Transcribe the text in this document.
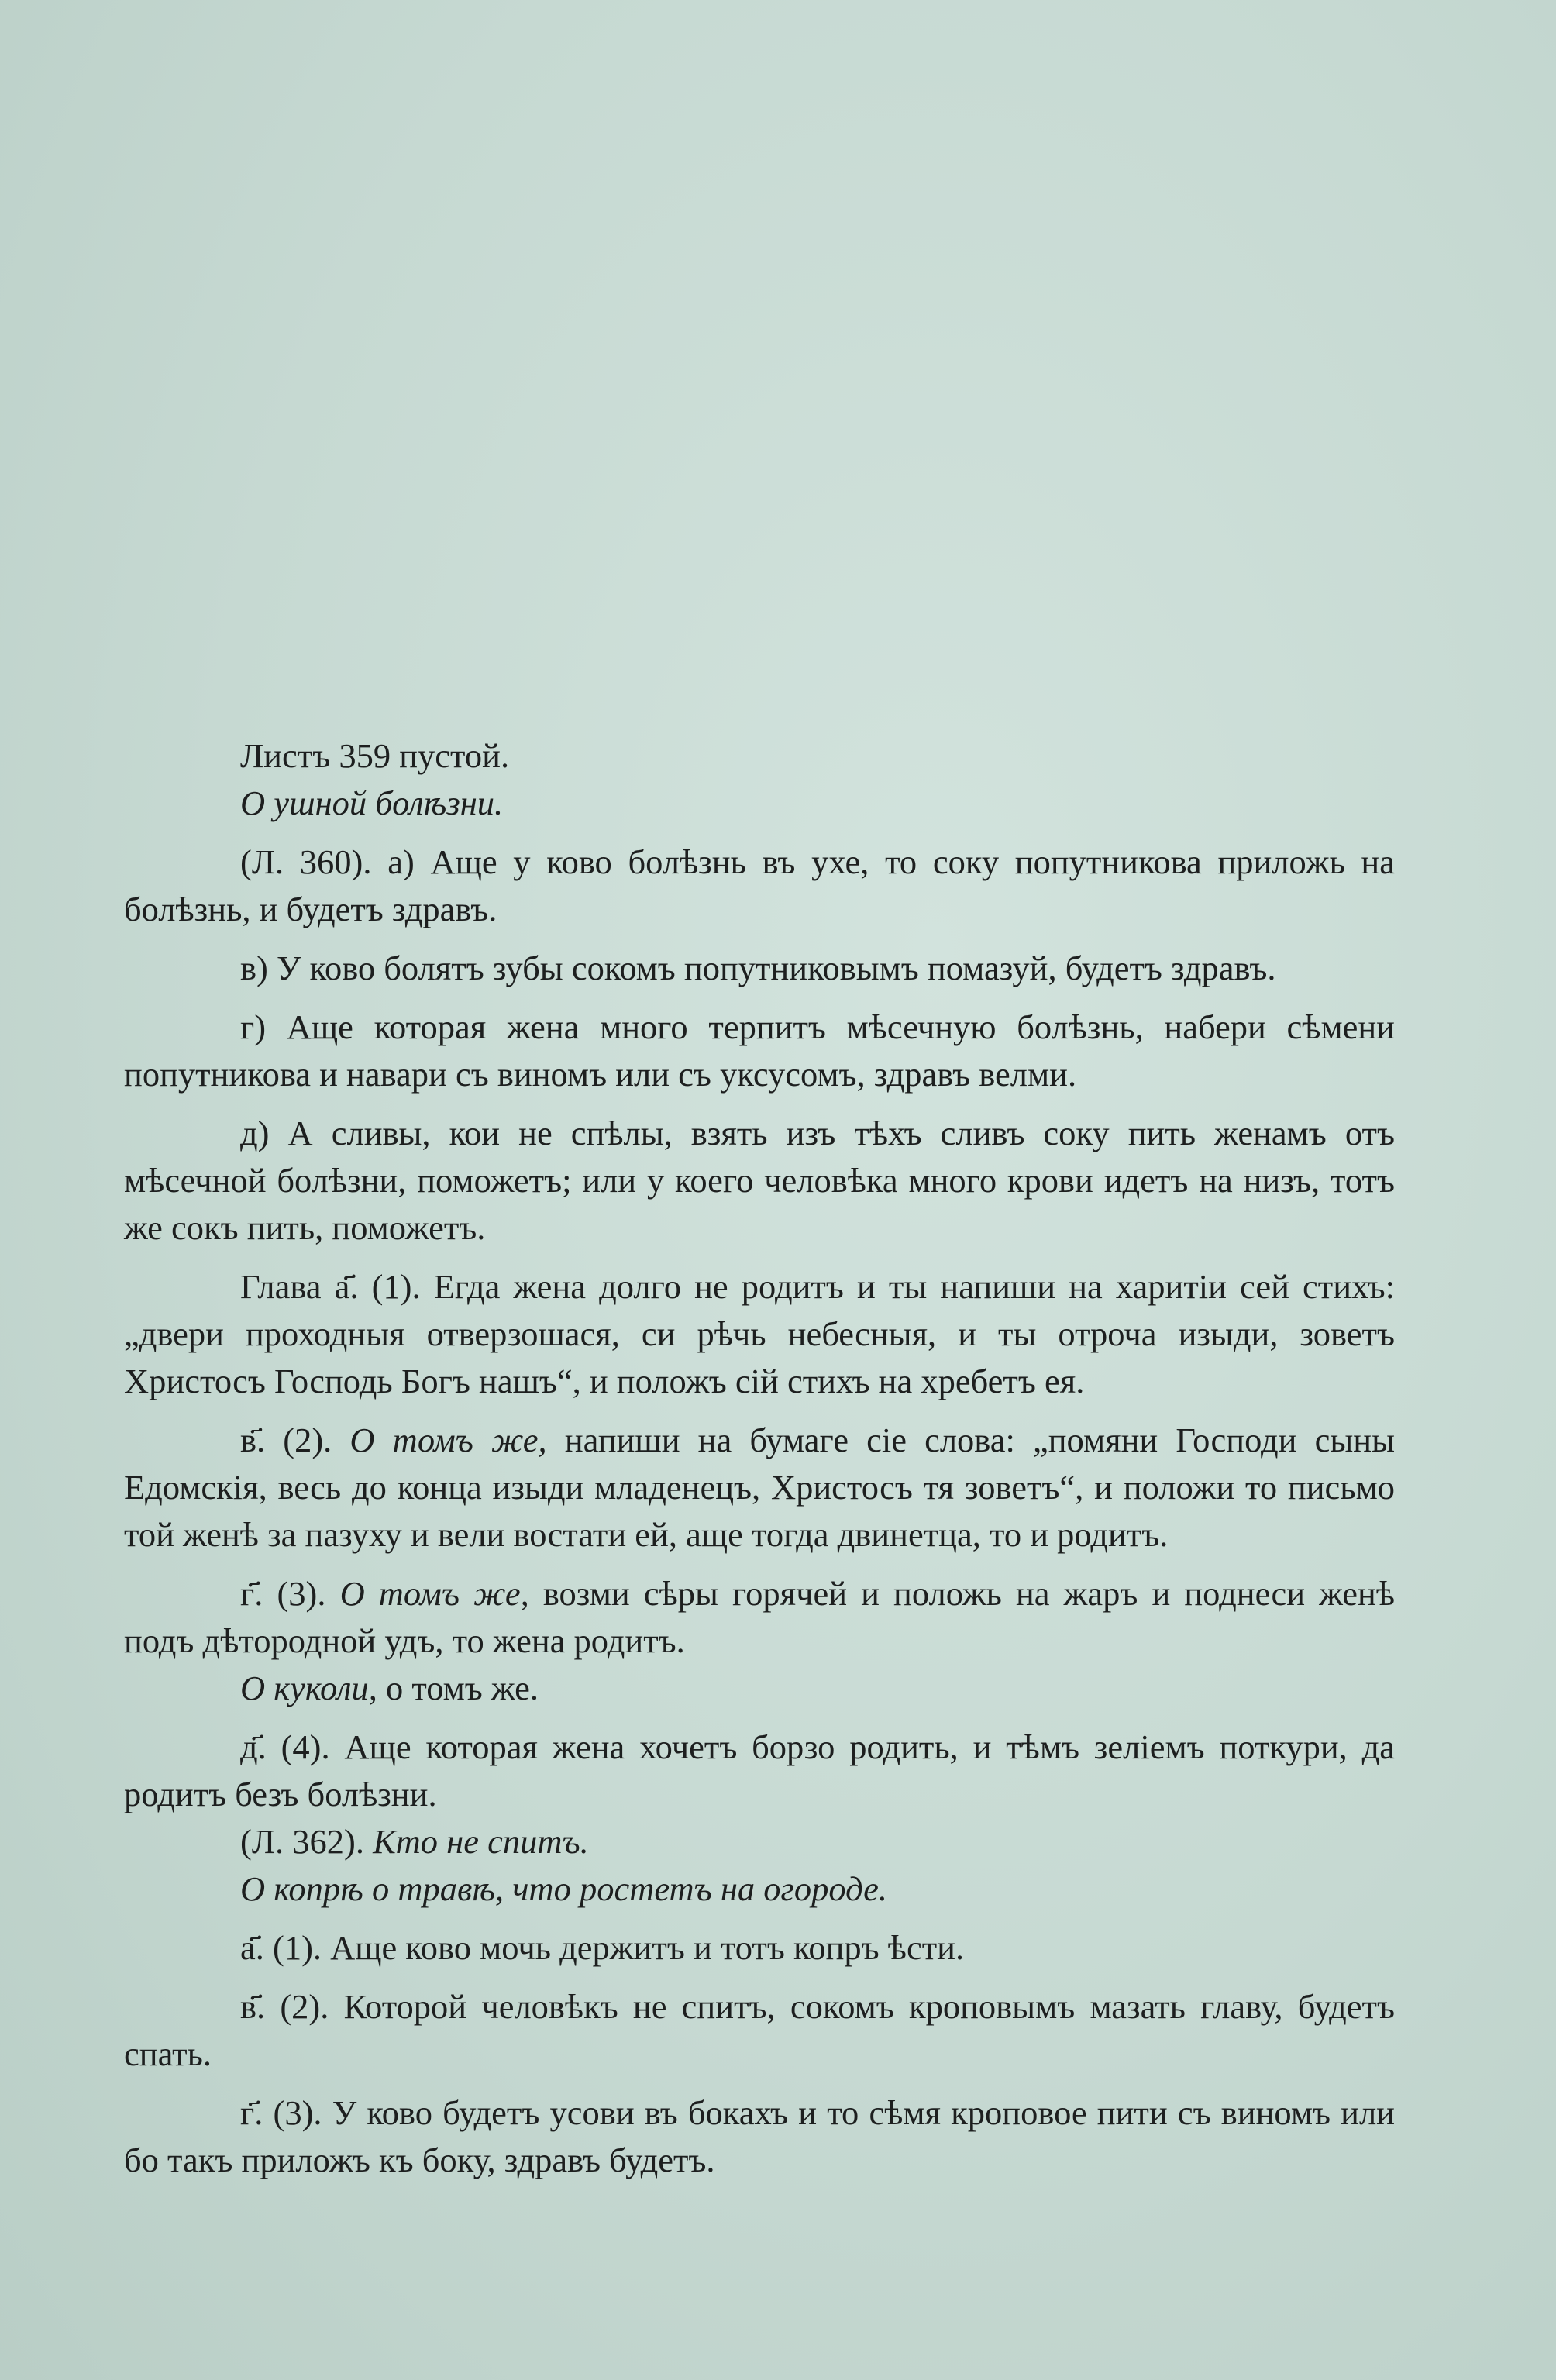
Листъ 359 пустой.

О ушной болѣзни.

(Л. 360). а) Аще у ково болѣзнь въ ухе, то соку попутникова приложь на болѣзнь, и будетъ здравъ.

в) У ково болятъ зубы сокомъ попутниковымъ помазуй, будетъ здравъ.

г) Аще которая жена много терпитъ мѣсечную болѣзнь, набери сѣмени попутникова и навари съ виномъ или съ уксусомъ, здравъ велми.

д) А сливы, кои не спѣлы, взять изъ тѣхъ сливъ соку пить женамъ отъ мѣсечной болѣзни, поможетъ; или у коего человѣка много крови идетъ на низъ, тотъ же сокъ пить, поможетъ.

Глава а҃. (1). Егда жена долго не родитъ и ты напиши на харитіи сей стихъ: „двери проходныя отверзошася, си рѣчь небесныя, и ты отроча изыди, зоветъ Христосъ Господь Богъ нашъ“, и положъ сій стихъ на хребетъ ея.

в҃. (2). О томъ же, напиши на бумаге сіе слова: „помяни Господи сыны Едомскія, весь до конца изыди младенецъ, Христосъ тя зоветъ“, и положи то письмо той женѣ за пазуху и вели востати ей, аще тогда двинетца, то и родитъ.

г҃. (3). О томъ же, возми сѣры горячей и положь на жаръ и поднеси женѣ подъ дѣтородной удъ, то жена родитъ.

О куколи, о томъ же.

д҃. (4). Аще которая жена хочетъ борзо родить, и тѣмъ зеліемъ поткури, да родитъ безъ болѣзни.

(Л. 362). Кто не спитъ.

О копрѣ о травѣ, что ростетъ на огороде.

а҃. (1). Аще ково мочь держитъ и тотъ копръ ѣсти.

в҃. (2). Которой человѣкъ не спитъ, сокомъ кроповымъ мазать главу, будетъ спать.

г҃. (3). У ково будетъ усови въ бокахъ и то сѣмя кроповое пити съ виномъ или бо такъ приложъ къ боку, здравъ будетъ.
